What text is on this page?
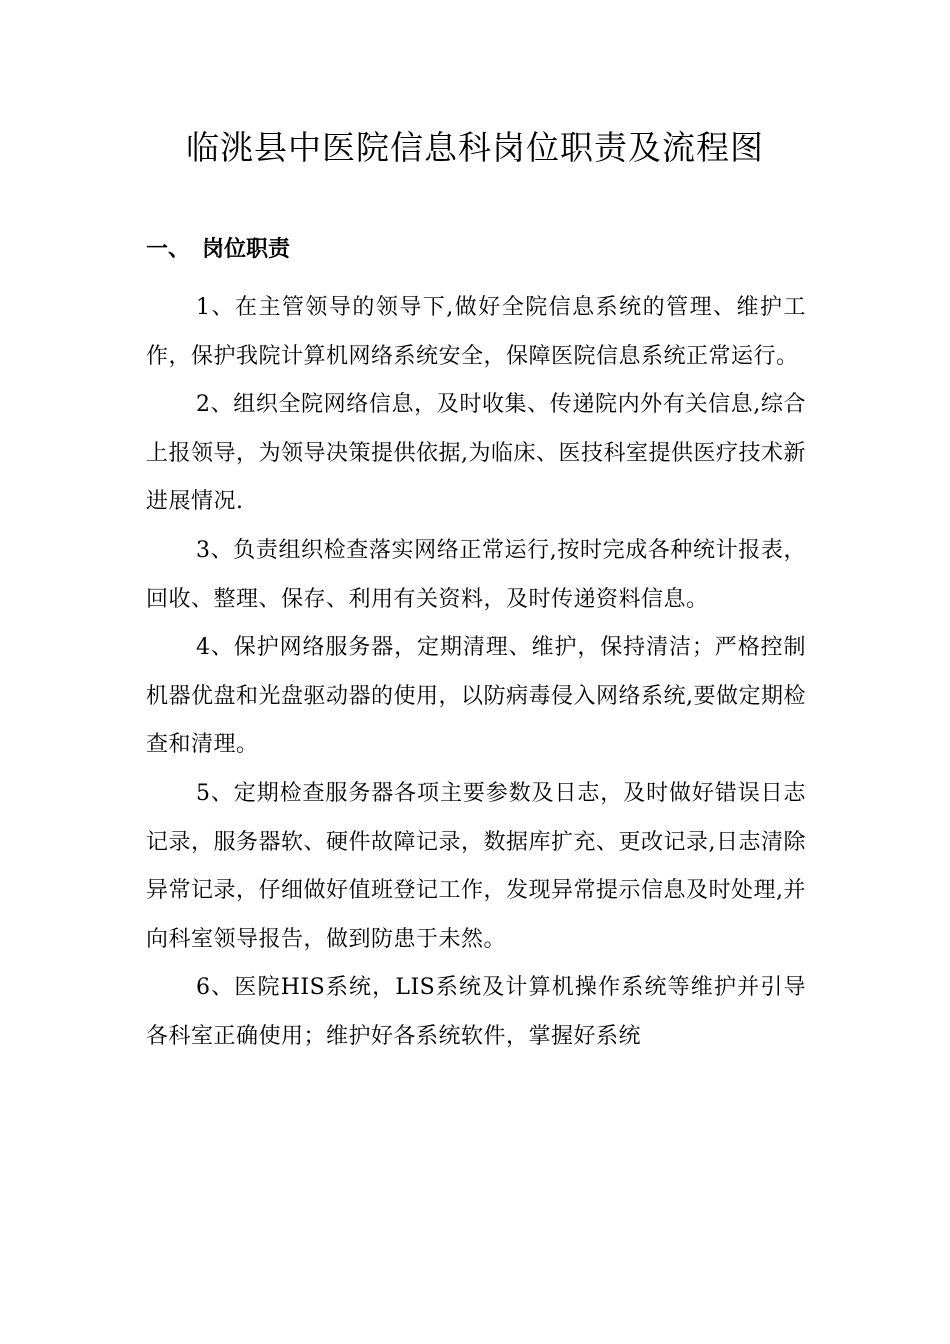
临洮县中医院信息科岗位职责及流程图
一、 岗位职责

1、在主管领导的领导下,做好全院信息系统的管理、维护工作，保护我院计算机网络系统安全，保障医院信息系统正常运行。

2、组织全院网络信息，及时收集、传递院内外有关信息,综合上报领导，为领导决策提供依据,为临床、医技科室提供医疗技术新进展情况.

3、负责组织检查落实网络正常运行,按时完成各种统计报表，回收、整理、保存、利用有关资料，及时传递资料信息。

4、保护网络服务器，定期清理、维护，保持清洁；严格控制机器优盘和光盘驱动器的使用，以防病毒侵入网络系统,要做定期检查和清理。

5、定期检查服务器各项主要参数及日志，及时做好错误日志记录，服务器软、硬件故障记录，数据库扩充、更改记录,日志清除异常记录，仔细做好值班登记工作，发现异常提示信息及时处理,并向科室领导报告，做到防患于未然。

6、医院HIS系统，LIS系统及计算机操作系统等维护并引导各科室正确使用；维护好各系统软件，掌握好系统
